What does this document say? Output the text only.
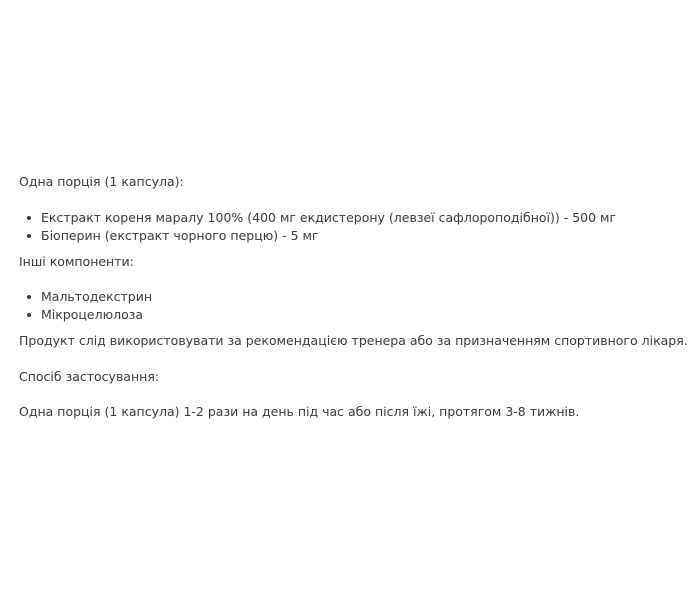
Одна порція (1 капсула):

Екстракт кореня маралу 100% (400 мг екдистерону (левзеї сафлороподібної)) - 500 мг
Біоперин (екстракт чорного перцю) - 5 мг

Інші компоненти:

Мальтодекстрин
Мікроцелюлоза

Продукт слід використовувати за рекомендацією тренера або за призначенням спортивного лікаря.

Спосіб застосування:

Одна порція (1 капсула) 1-2 рази на день під час або після їжі, протягом 3-8 тижнів.
